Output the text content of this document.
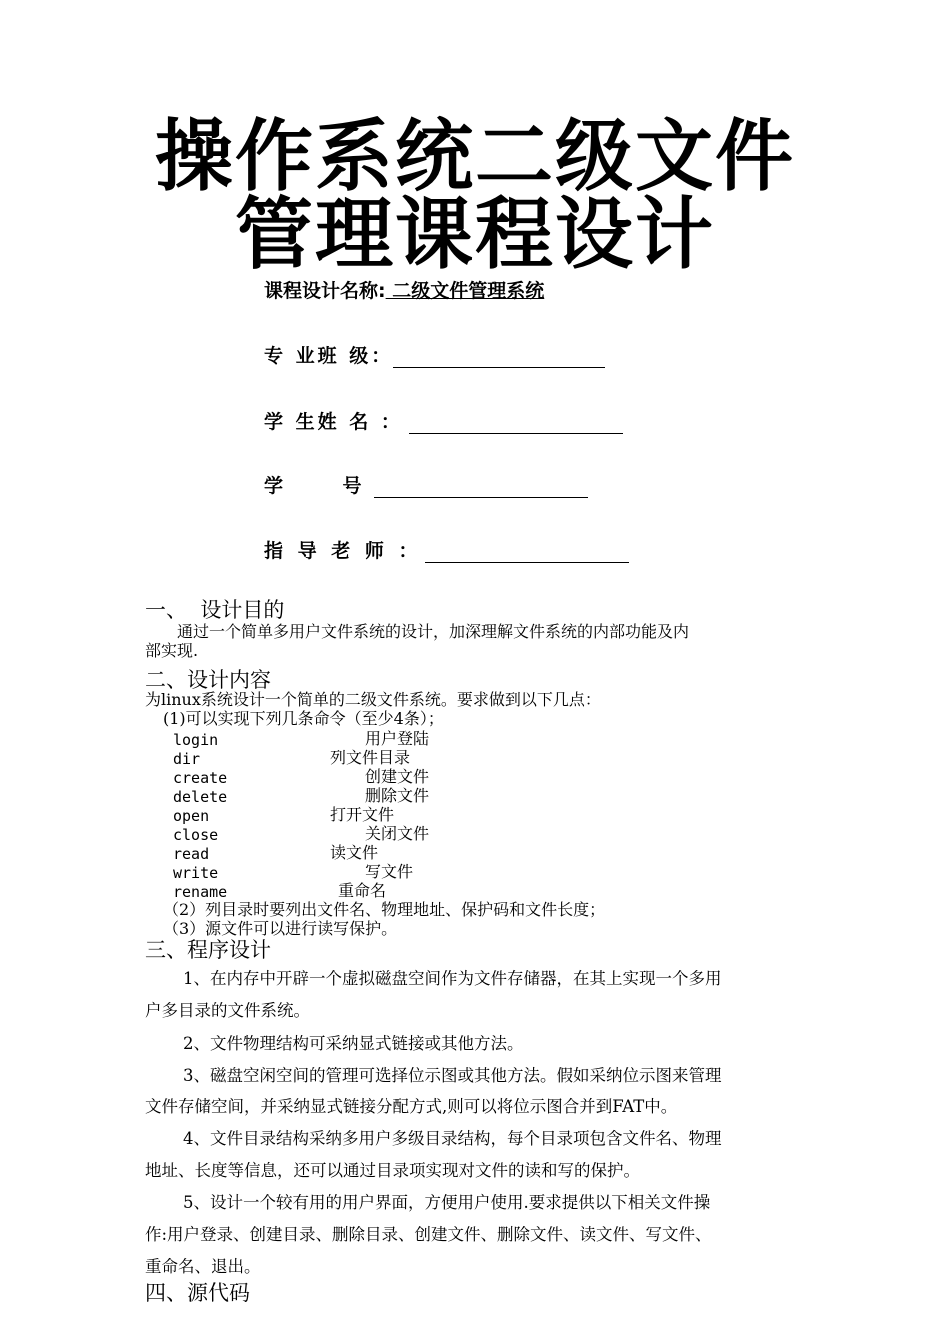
操作系统二级文件
管理课程设计
课程设计名称: 二级文件管理系统
专 业班 级：
学 生姓 名 ：
学         号
指 导 老 师 ：
一、  设计目的
通过一个简单多用户文件系统的设计，加深理解文件系统的内部功能及内
部实现.
二、设计内容
为linux系统设计一个简单的二级文件系统。要求做到以下几点：
(1)可以实现下列几条命令（至少4条）；
login	用户登陆
dir	列文件目录
create	创建文件
delete	删除文件
open	打开文件
close	关闭文件
read	读文件
write	写文件
rename	重命名
（2）列目录时要列出文件名、物理地址、保护码和文件长度；
（3）源文件可以进行读写保护。
三、程序设计
1、在内存中开辟一个虚拟磁盘空间作为文件存储器，在其上实现一个多用
户多目录的文件系统。
2、文件物理结构可采纳显式链接或其他方法。
3、磁盘空闲空间的管理可选择位示图或其他方法。假如采纳位示图来管理
文件存储空间，并采纳显式链接分配方式,则可以将位示图合并到FAT中。
4、文件目录结构采纳多用户多级目录结构，每个目录项包含文件名、物理
地址、长度等信息，还可以通过目录项实现对文件的读和写的保护。
5、设计一个较有用的用户界面，方便用户使用.要求提供以下相关文件操
作:用户登录、创建目录、删除目录、创建文件、删除文件、读文件、写文件、
重命名、退出。
四、源代码
